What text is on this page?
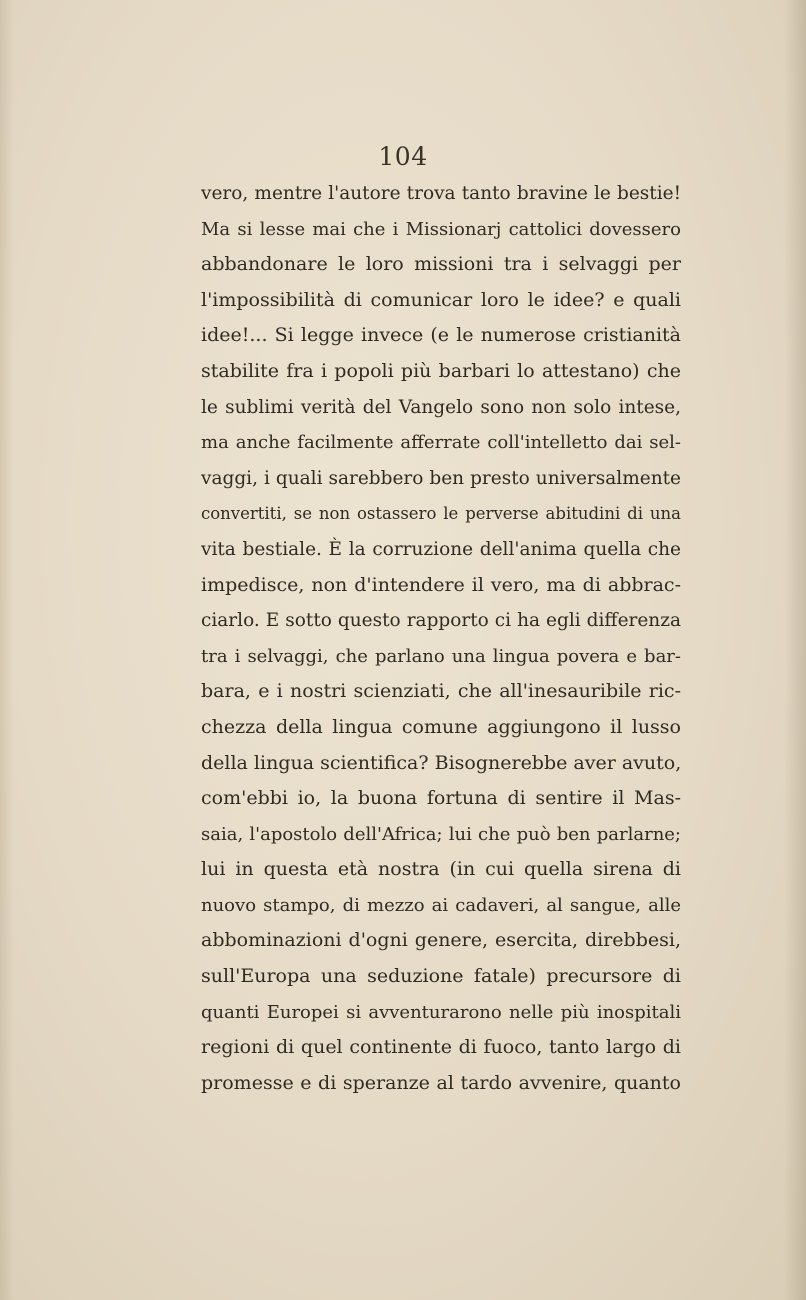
104
vero, mentre l'autore trova tanto bravine le bestie!
Ma si lesse mai che i Missionarj cattolici dovessero
abbandonare le loro missioni tra i selvaggi per
l'impossibilità di comunicar loro le idee? e quali
idee!... Si legge invece (e le numerose cristianità
stabilite fra i popoli più barbari lo attestano) che
le sublimi verità del Vangelo sono non solo intese,
ma anche facilmente afferrate coll'intelletto dai sel-
vaggi, i quali sarebbero ben presto universalmente
convertiti, se non ostassero le perverse abitudini di una
vita bestiale. È la corruzione dell'anima quella che
impedisce, non d'intendere il vero, ma di abbrac-
ciarlo. E sotto questo rapporto ci ha egli differenza
tra i selvaggi, che parlano una lingua povera e bar-
bara, e i nostri scienziati, che all'inesauribile ric-
chezza della lingua comune aggiungono il lusso
della lingua scientifica? Bisognerebbe aver avuto,
com'ebbi io, la buona fortuna di sentire il Mas-
saia, l'apostolo dell'Africa; lui che può ben parlarne;
lui in questa età nostra (in cui quella sirena di
nuovo stampo, di mezzo ai cadaveri, al sangue, alle
abbominazioni d'ogni genere, esercita, direbbesi,
sull'Europa una seduzione fatale) precursore di
quanti Europei si avventurarono nelle più inospitali
regioni di quel continente di fuoco, tanto largo di
promesse e di speranze al tardo avvenire, quanto
